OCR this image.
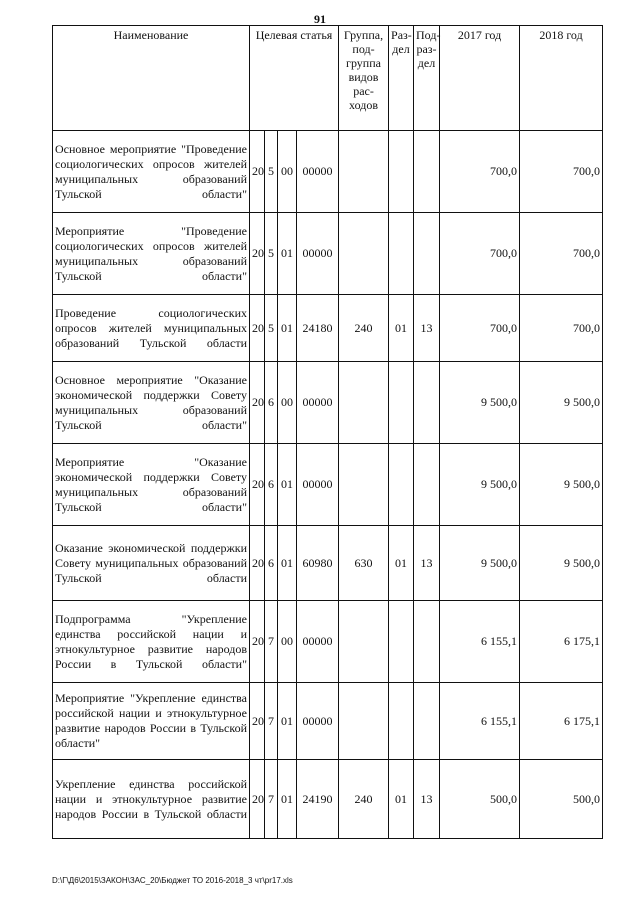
91
Наименование	Целевая статья				Группа, под-группа видов рас-ходов	Раз-дел	Под-раз-дел	2017 год	2018 год
Основное мероприятие "Проведение социологических опросов жителей муниципальных образований Тульской области"	20	5	00	00000				700,0	700,0
Мероприятие "Проведение социологических опросов жителей муниципальных образований Тульской области"	20	5	01	00000				700,0	700,0
Проведение социологических опросов жителей муниципальных образований Тульской области	20	5	01	24180	240	01	13	700,0	700,0
Основное мероприятие "Оказание экономической поддержки Совету муниципальных образований Тульской области"	20	6	00	00000				9 500,0	9 500,0
Мероприятие "Оказание экономической поддержки Совету муниципальных образований Тульской области"	20	6	01	00000				9 500,0	9 500,0
Оказание экономической поддержки Совету муниципальных образований Тульской области	20	6	01	60980	630	01	13	9 500,0	9 500,0
Подпрограмма "Укрепление единства российской нации и этнокультурное развитие народов России в Тульской области"	20	7	00	00000				6 155,1	6 175,1
Мероприятие "Укрепление единства российской нации и этнокультурное развитие народов России в Тульской области"	20	7	01	00000				6 155,1	6 175,1
Укрепление единства российской нации и этнокультурное развитие народов России в Тульской области	20	7	01	24190	240	01	13	500,0	500,0
D:\Г\Д6\2015\ЗАКОН\ЗАС_20\Бюджет ТО 2016-2018_3 чт\pr17.xls
